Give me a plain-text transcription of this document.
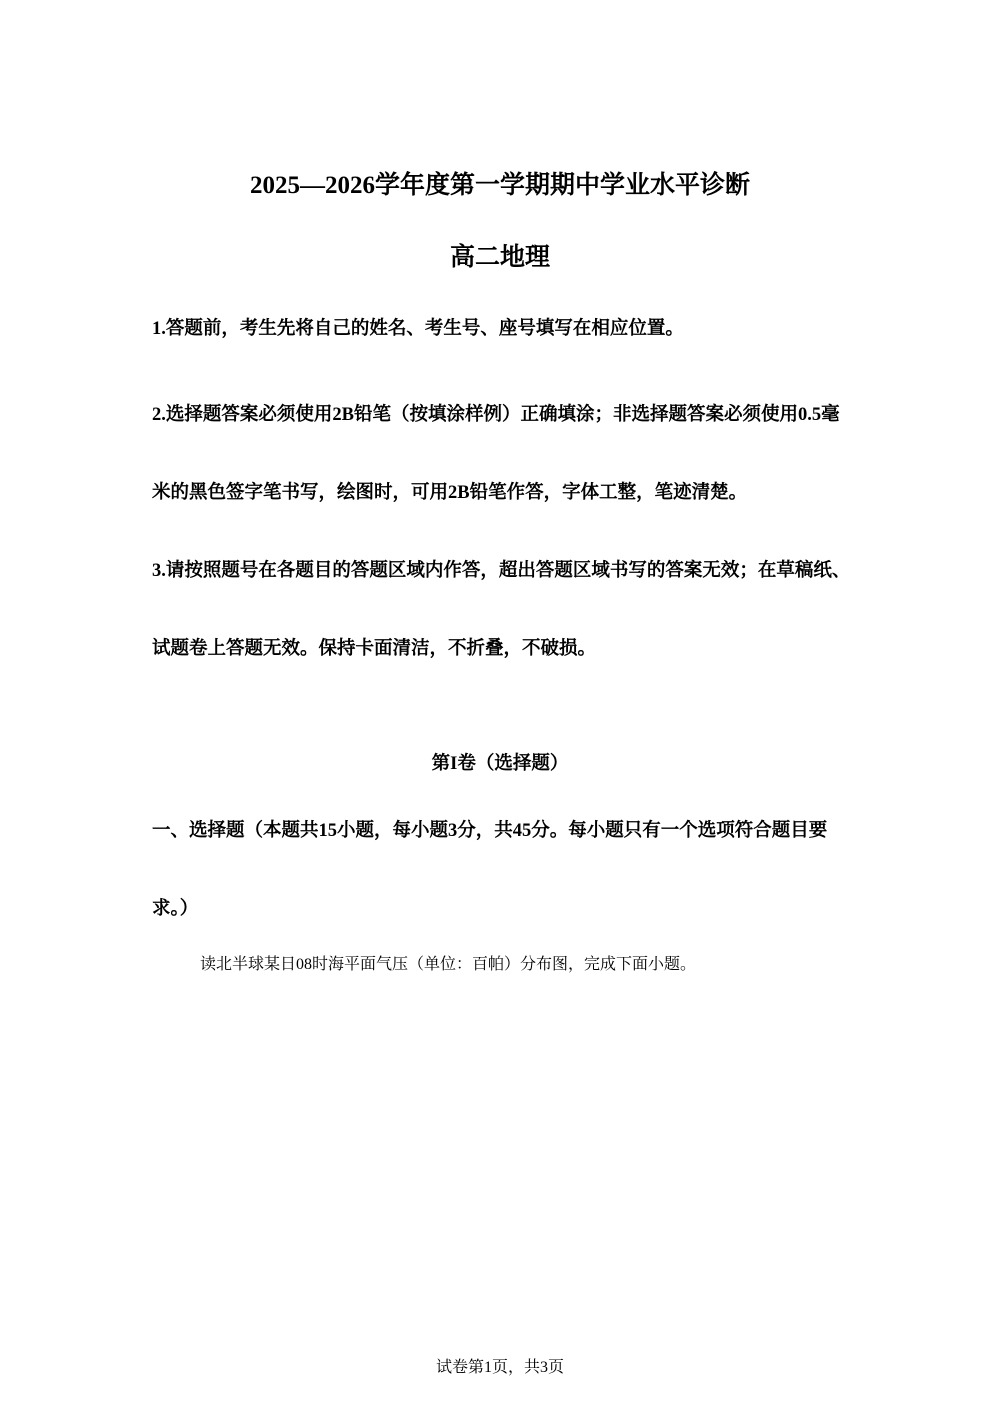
2025—2026学年度第一学期期中学业水平诊断
高二地理

1.答题前，考生先将自己的姓名、考生号、座号填写在相应位置。

2.选择题答案必须使用2B铅笔（按填涂样例）正确填涂；非选择题答案必须使用0.5毫米的黑色签字笔书写，绘图时，可用2B铅笔作答，字体工整，笔迹清楚。

3.请按照题号在各题目的答题区域内作答，超出答题区域书写的答案无效；在草稿纸、试题卷上答题无效。保持卡面清洁，不折叠，不破损。

第I卷（选择题）
一、选择题（本题共15小题，每小题3分，共45分。每小题只有一个选项符合题目要求。）
读北半球某日08时海平面气压（单位：百帕）分布图，完成下面小题。
试卷第1页，共3页
